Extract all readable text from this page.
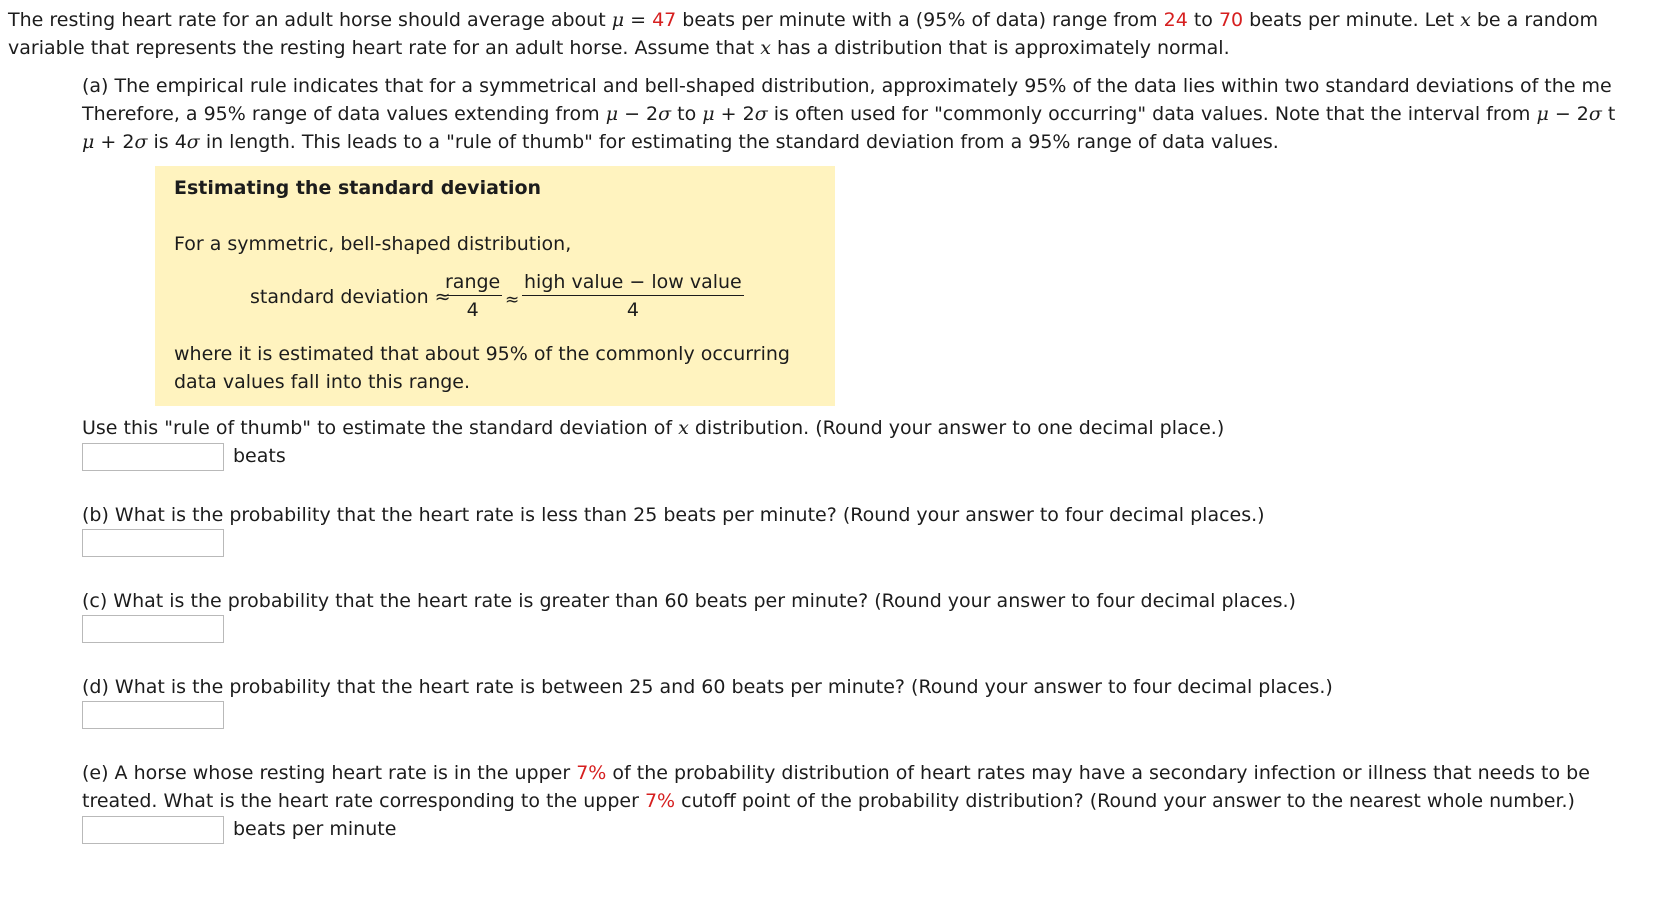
The resting heart rate for an adult horse should average about μ = 47 beats per minute with a (95% of data) range from 24 to 70 beats per minute. Let x be a random
variable that represents the resting heart rate for an adult horse. Assume that x has a distribution that is approximately normal.
(a) The empirical rule indicates that for a symmetrical and bell-shaped distribution, approximately 95% of the data lies within two standard deviations of the me
Therefore, a 95% range of data values extending from μ − 2σ to μ + 2σ is often used for "commonly occurring" data values. Note that the interval from μ − 2σ t
μ + 2σ is 4σ in length. This leads to a "rule of thumb" for estimating the standard deviation from a 95% range of data values.
Estimating the standard deviation
For a symmetric, bell-shaped distribution,
standard deviation ≈
range
4	≈
high value − low value
4
where it is estimated that about 95% of the commonly occurring
data values fall into this range.
Use this "rule of thumb" to estimate the standard deviation of x distribution. (Round your answer to one decimal place.)
beats
(b) What is the probability that the heart rate is less than 25 beats per minute? (Round your answer to four decimal places.)
(c) What is the probability that the heart rate is greater than 60 beats per minute? (Round your answer to four decimal places.)
(d) What is the probability that the heart rate is between 25 and 60 beats per minute? (Round your answer to four decimal places.)
(e) A horse whose resting heart rate is in the upper 7% of the probability distribution of heart rates may have a secondary infection or illness that needs to be
treated. What is the heart rate corresponding to the upper 7% cutoff point of the probability distribution? (Round your answer to the nearest whole number.)
beats per minute
